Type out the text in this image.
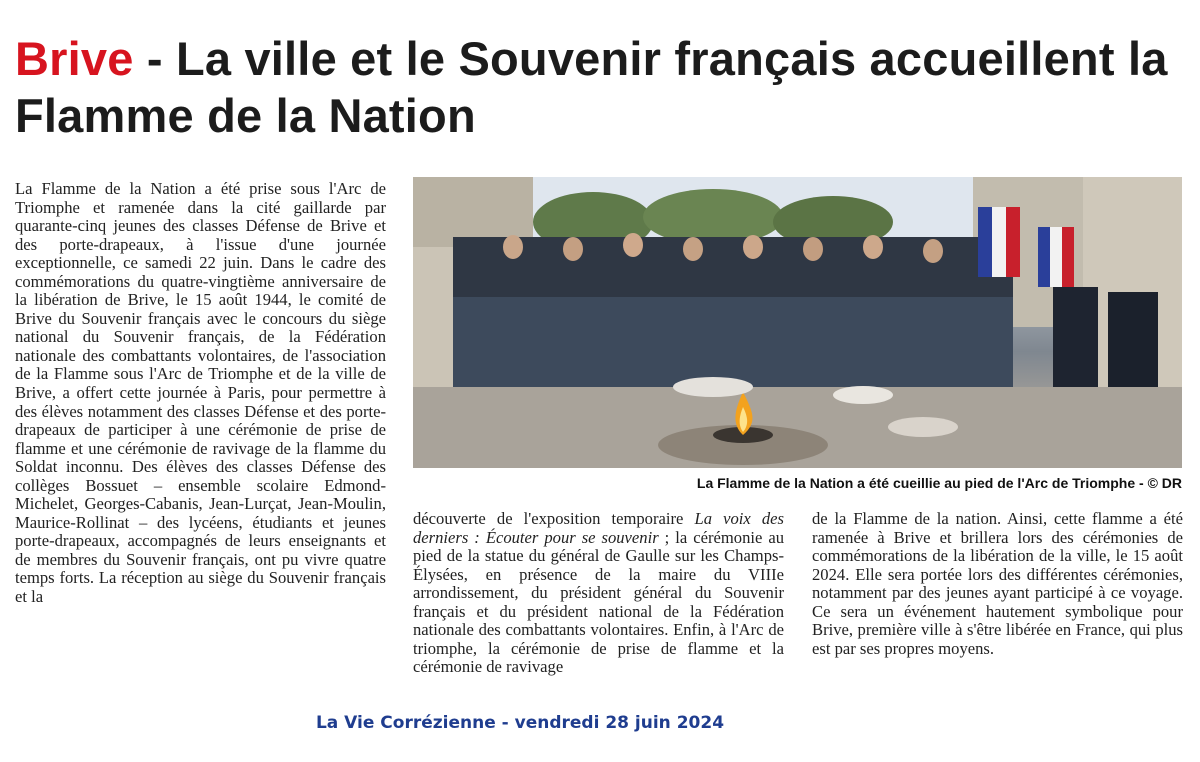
Brive - La ville et le Souvenir français accueillent la Flamme de la Nation

La Flamme de la Nation a été prise sous l'Arc de Triomphe et ramenée dans la cité gaillarde par quarante-cinq jeunes des classes Défense de Brive et des porte-drapeaux, à l'issue d'une journée exceptionnelle, ce samedi 22 juin. Dans le cadre des commémorations du quatre-vingtième anniversaire de la libération de Brive, le 15 août 1944, le comité de Brive du Souvenir français avec le concours du siège national du Souvenir français, de la Fédération nationale des combattants volontaires, de l'association de la Flamme sous l'Arc de Triomphe et de la ville de Brive, a offert cette journée à Paris, pour permettre à des élèves notamment des classes Défense et des porte-drapeaux de participer à une cérémonie de prise de flamme et une cérémonie de ravivage de la flamme du Soldat inconnu. Des élèves des classes Défense des collèges Bossuet – ensemble scolaire Edmond-Michelet, Georges-Cabanis, Jean-Lurçat, Jean-Moulin, Maurice-Rollinat – des lycéens, étudiants et jeunes porte-drapeaux, accompagnés de leurs enseignants et de membres du Souvenir français, ont pu vivre quatre temps forts. La réception au siège du Souvenir français et la

La Flamme de la Nation a été cueillie au pied de l'Arc de Triomphe - © DR

découverte de l'exposition temporaire La voix des derniers : Écouter pour se souvenir ; la cérémonie au pied de la statue du général de Gaulle sur les Champs-Élysées, en présence de la maire du VIIIe arrondissement, du président général du Souvenir français et du président national de la Fédération nationale des combattants volontaires. Enfin, à l'Arc de triomphe, la cérémonie de prise de flamme et la cérémonie de ravivage

de la Flamme de la nation. Ainsi, cette flamme a été ramenée à Brive et brillera lors des cérémonies de commémorations de la libération de la ville, le 15 août 2024. Elle sera portée lors des différentes cérémonies, notamment par des jeunes ayant participé à ce voyage. Ce sera un événement hautement symbolique pour Brive, première ville à s'être libérée en France, qui plus est par ses propres moyens.

La Vie Corrézienne - vendredi 28 juin 2024
